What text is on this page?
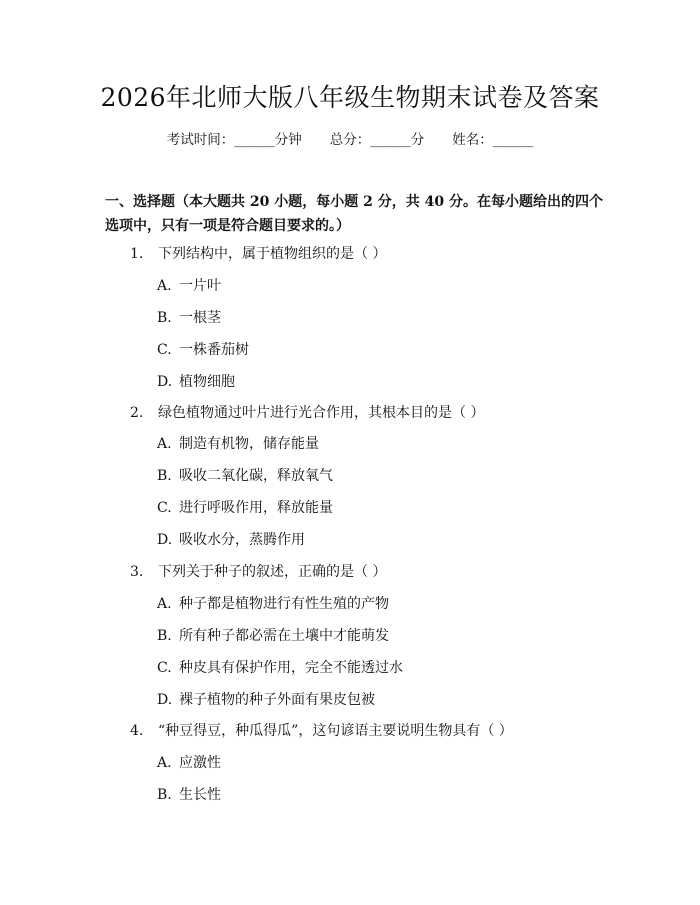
2026年北师大版八年级生物期末试卷及答案
考试时间：______分钟 总分：______分 姓名：______
一、选择题（本大题共 20 小题，每小题 2 分，共 40 分。在每小题给出的四个选项中，只有一项是符合题目要求的。）
1. 下列结构中，属于植物组织的是（ ）
A. 一片叶
B. 一根茎
C. 一株番茄树
D. 植物细胞
2. 绿色植物通过叶片进行光合作用，其根本目的是（ ）
A. 制造有机物，储存能量
B. 吸收二氧化碳，释放氧气
C. 进行呼吸作用，释放能量
D. 吸收水分，蒸腾作用
3. 下列关于种子的叙述，正确的是（ ）
A. 种子都是植物进行有性生殖的产物
B. 所有种子都必需在土壤中才能萌发
C. 种皮具有保护作用，完全不能透过水
D. 裸子植物的种子外面有果皮包被
4. “种豆得豆，种瓜得瓜”，这句谚语主要说明生物具有（ ）
A. 应激性
B. 生长性
